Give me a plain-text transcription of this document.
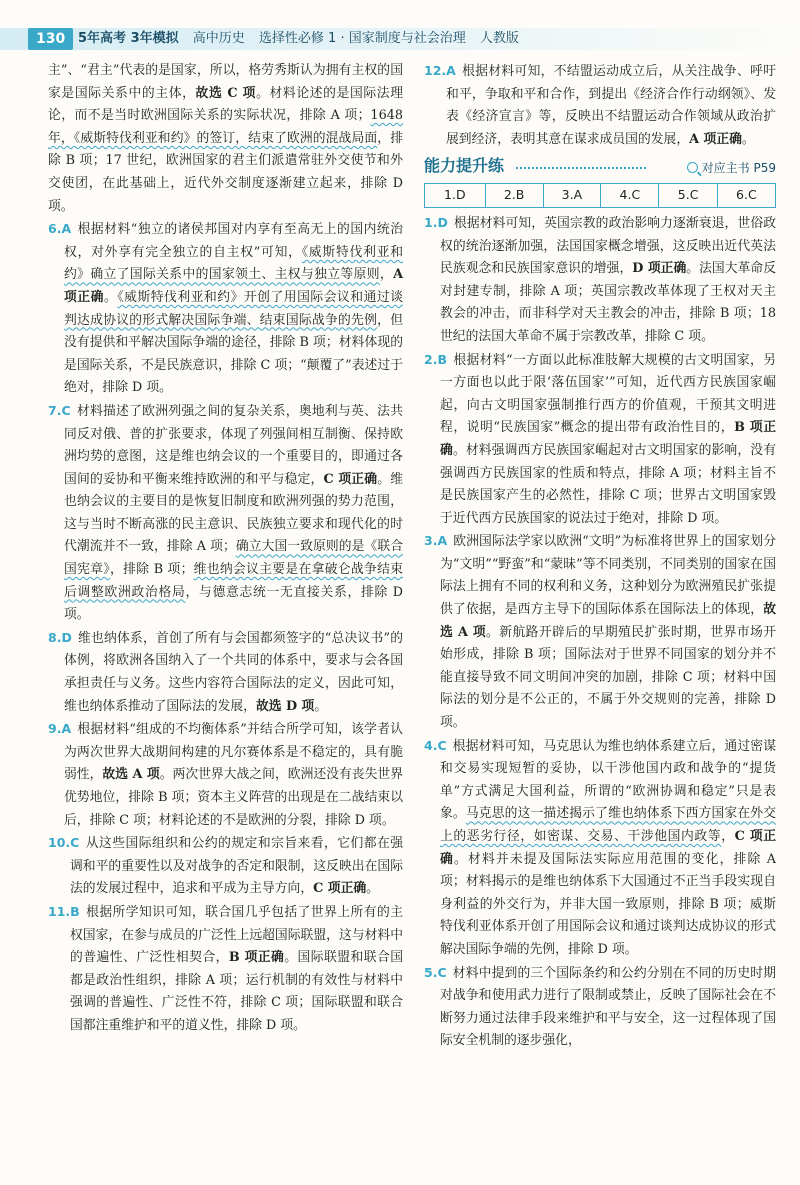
130 5年高考 3年模拟 高中历史 选择性必修 1 · 国家制度与社会治理 人教版

主”、“君主”代表的是国家，所以，格劳秀斯认为拥有主权的国家是国际关系中的主体，故选 C 项。材料论述的是国际法理论，而不是当时欧洲国际关系的实际状况，排除 A 项；1648 年，《威斯特伐利亚和约》的签订，结束了欧洲的混战局面，排除 B 项；17 世纪，欧洲国家的君主们派遣常驻外交使节和外交使团，在此基础上，近代外交制度逐渐建立起来，排除 D 项。

6.A 根据材料“独立的诸侯邦国对内享有至高无上的国内统治权，对外享有完全独立的自主权”可知，《威斯特伐利亚和约》确立了国际关系中的国家领土、主权与独立等原则，A 项正确。《威斯特伐利亚和约》开创了用国际会议和通过谈判达成协议的形式解决国际争端、结束国际战争的先例，但没有提供和平解决国际争端的途径，排除 B 项；材料体现的是国际关系，不是民族意识，排除 C 项；“颠覆了”表述过于绝对，排除 D 项。

7.C 材料描述了欧洲列强之间的复杂关系，奥地利与英、法共同反对俄、普的扩张要求，体现了列强间相互制衡、保持欧洲均势的意图，这是维也纳会议的一个重要目的，即通过各国间的妥协和平衡来维持欧洲的和平与稳定，C 项正确。维也纳会议的主要目的是恢复旧制度和欧洲列强的势力范围，这与当时不断高涨的民主意识、民族独立要求和现代化的时代潮流并不一致，排除 A 项；确立大国一致原则的是《联合国宪章》，排除 B 项；维也纳会议主要是在拿破仑战争结束后调整欧洲政治格局，与德意志统一无直接关系，排除 D 项。

8.D 维也纳体系，首创了所有与会国都须签字的“总决议书”的体例，将欧洲各国纳入了一个共同的体系中，要求与会各国承担责任与义务。这些内容符合国际法的定义，因此可知，维也纳体系推动了国际法的发展，故选 D 项。

9.A 根据材料“组成的不均衡体系”并结合所学可知，该学者认为两次世界大战期间构建的凡尔赛体系是不稳定的，具有脆弱性，故选 A 项。两次世界大战之间，欧洲还没有丧失世界优势地位，排除 B 项；资本主义阵营的出现是在二战结束以后，排除 C 项；材料论述的不是欧洲的分裂，排除 D 项。

10.C 从这些国际组织和公约的规定和宗旨来看，它们都在强调和平的重要性以及对战争的否定和限制，这反映出在国际法的发展过程中，追求和平成为主导方向，C 项正确。

11.B 根据所学知识可知，联合国几乎包括了世界上所有的主权国家，在参与成员的广泛性上远超国际联盟，这与材料中的普遍性、广泛性相契合，B 项正确。国际联盟和联合国都是政治性组织，排除 A 项；运行机制的有效性与材料中强调的普遍性、广泛性不符，排除 C 项；国际联盟和联合国都注重维护和平的道义性，排除 D 项。

12.A 根据材料可知，不结盟运动成立后，从关注战争、呼吁和平，争取和平和合作，到提出《经济合作行动纲领》、发表《经济宣言》等，反映出不结盟运动合作领域从政治扩展到经济，表明其意在谋求成员国的发展，A 项正确。

能力提升练	对应主书 P59
1.D	2.B	3.A	4.C	5.C	6.C

1.D 根据材料可知，英国宗教的政治影响力逐渐衰退，世俗政权的统治逐渐加强，法国国家概念增强，这反映出近代英法民族观念和民族国家意识的增强，D 项正确。法国大革命反对封建专制，排除 A 项；英国宗教改革体现了王权对天主教会的冲击，而非科学对天主教会的冲击，排除 B 项；18 世纪的法国大革命不属于宗教改革，排除 C 项。

2.B 根据材料“一方面以此标准肢解大规模的古文明国家，另一方面也以此于限‘落伍国家’”可知，近代西方民族国家崛起，向古文明国家强制推行西方的价值观，干预其文明进程，说明“民族国家”概念的提出带有政治性目的，B 项正确。材料强调西方民族国家崛起对古文明国家的影响，没有强调西方民族国家的性质和特点，排除 A 项；材料主旨不是民族国家产生的必然性，排除 C 项；世界古文明国家毁于近代西方民族国家的说法过于绝对，排除 D 项。

3.A 欧洲国际法学家以欧洲“文明”为标准将世界上的国家划分为“文明”“野蛮”和“蒙昧”等不同类别，不同类别的国家在国际法上拥有不同的权利和义务，这种划分为欧洲殖民扩张提供了依据，是西方主导下的国际体系在国际法上的体现，故选 A 项。新航路开辟后的早期殖民扩张时期，世界市场开始形成，排除 B 项；国际法对于世界不同国家的划分并不能直接导致不同文明间冲突的加剧，排除 C 项；材料中国际法的划分是不公正的，不属于外交规则的完善，排除 D 项。

4.C 根据材料可知，马克思认为维也纳体系建立后，通过密谋和交易实现短暂的妥协，以干涉他国内政和战争的“提货单”方式满足大国利益，所谓的“欧洲协调和稳定”只是表象。马克思的这一描述揭示了维也纳体系下西方国家在外交上的恶劣行径，如密谋、交易、干涉他国内政等，C 项正确。材料并未提及国际法实际应用范围的变化，排除 A 项；材料揭示的是维也纳体系下大国通过不正当手段实现自身利益的外交行为，并非大国一致原则，排除 B 项；威斯特伐利亚体系开创了用国际会议和通过谈判达成协议的形式解决国际争端的先例，排除 D 项。

5.C 材料中提到的三个国际条约和公约分别在不同的历史时期对战争和使用武力进行了限制或禁止，反映了国际社会在不断努力通过法律手段来维护和平与安全，这一过程体现了国际安全机制的逐步强化，
